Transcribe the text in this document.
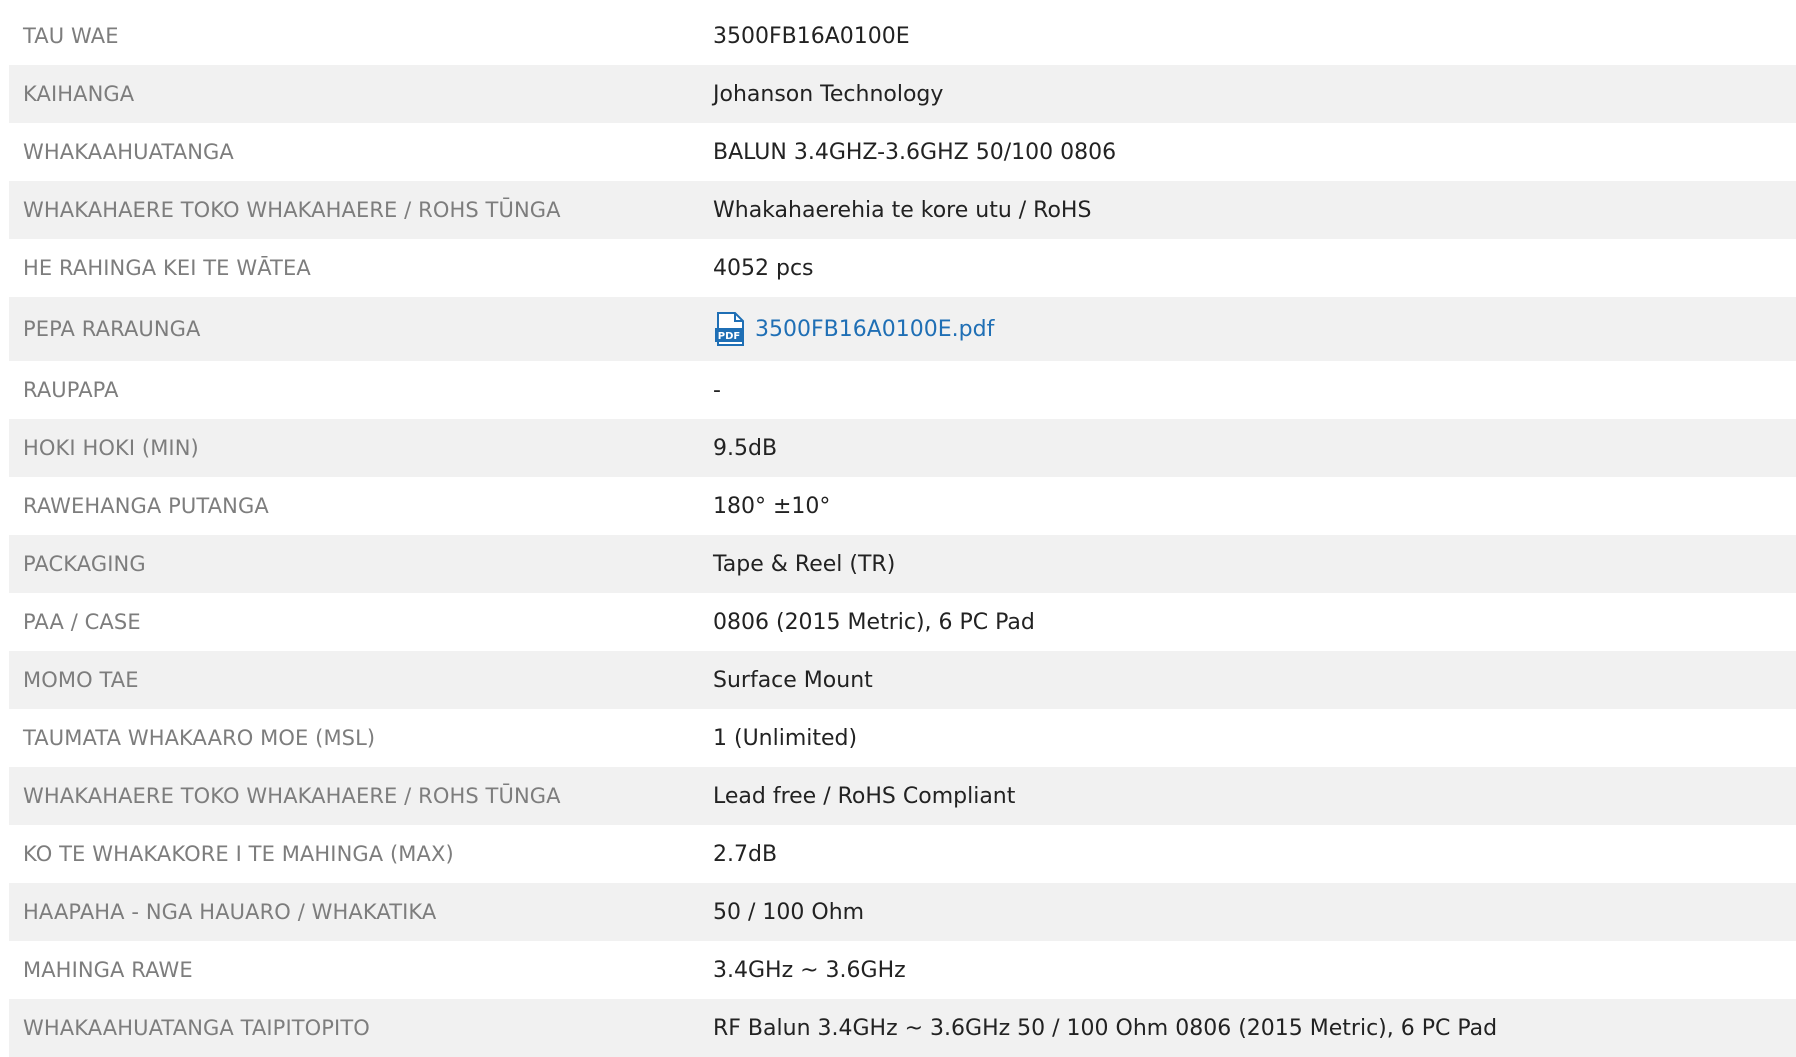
TAU WAE	3500FB16A0100E
KAIHANGA	Johanson Technology
WHAKAAHUATANGA	BALUN 3.4GHZ-3.6GHZ 50/100 0806
WHAKAHAERE TOKO WHAKAHAERE / ROHS TŪNGA	Whakahaerehia te kore utu / RoHS
HE RAHINGA KEI TE WĀTEA	4052 pcs
PEPA RARAUNGA	PDF 3500FB16A0100E.pdf
RAUPAPA	-
HOKI HOKI (MIN)	9.5dB
RAWEHANGA PUTANGA	180° ±10°
PACKAGING	Tape & Reel (TR)
PAA / CASE	0806 (2015 Metric), 6 PC Pad
MOMO TAE	Surface Mount
TAUMATA WHAKAARO MOE (MSL)	1 (Unlimited)
WHAKAHAERE TOKO WHAKAHAERE / ROHS TŪNGA	Lead free / RoHS Compliant
KO TE WHAKAKORE I TE MAHINGA (MAX)	2.7dB
HAAPAHA - NGA HAUARO / WHAKATIKA	50 / 100 Ohm
MAHINGA RAWE	3.4GHz ~ 3.6GHz
WHAKAAHUATANGA TAIPITOPITO	RF Balun 3.4GHz ~ 3.6GHz 50 / 100 Ohm 0806 (2015 Metric), 6 PC Pad
